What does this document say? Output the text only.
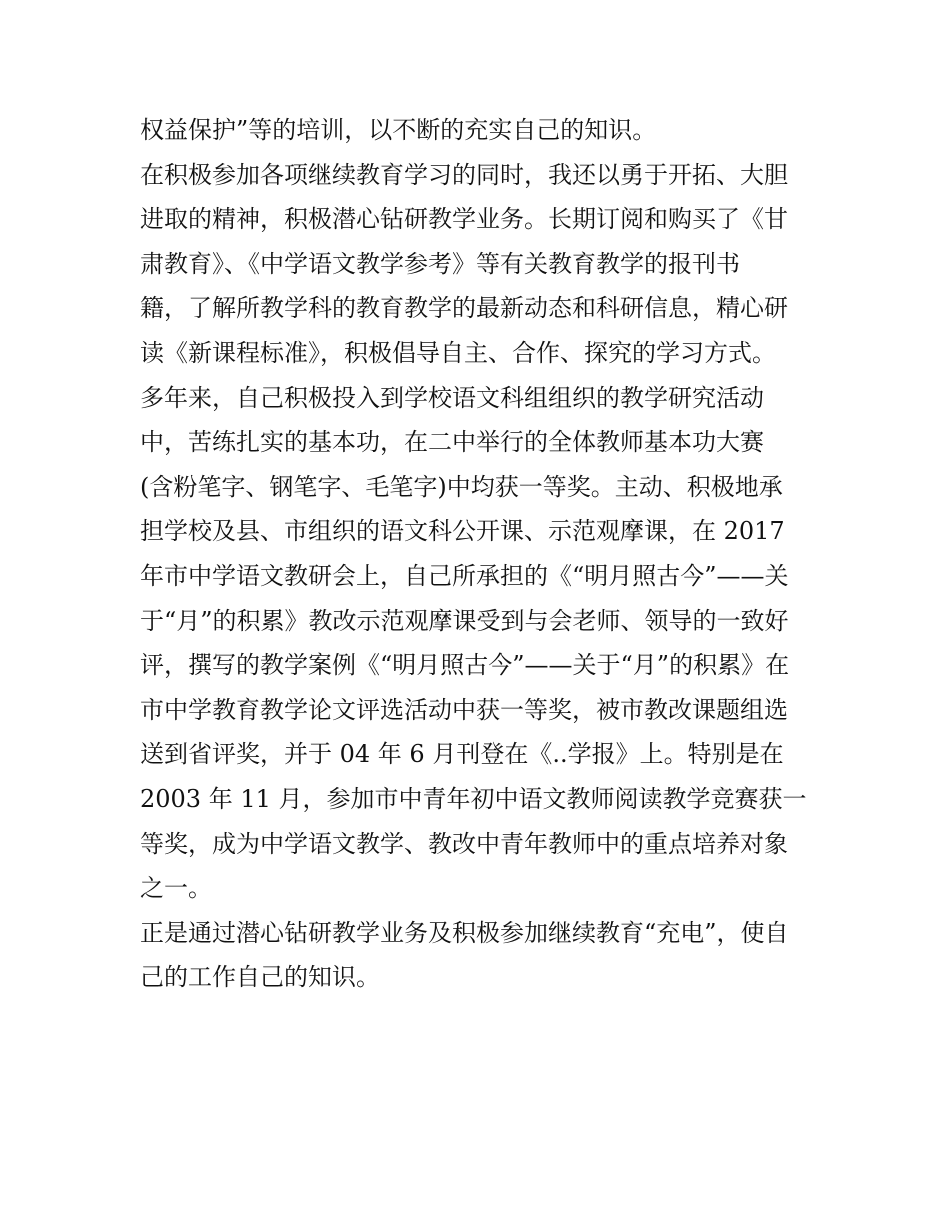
权益保护”等的培训，以不断的充实自己的知识。
在积极参加各项继续教育学习的同时，我还以勇于开拓、大胆
进取的精神，积极潜心钻研教学业务。长期订阅和购买了《甘
肃教育》、《中学语文教学参考》等有关教育教学的报刊书
籍，了解所教学科的教育教学的最新动态和科研信息，精心研
读《新课程标准》，积极倡导自主、合作、探究的学习方式。
多年来，自己积极投入到学校语文科组组织的教学研究活动
中，苦练扎实的基本功，在二中举行的全体教师基本功大赛
(含粉笔字、钢笔字、毛笔字)中均获一等奖。主动、积极地承
担学校及县、市组织的语文科公开课、示范观摩课，在 2017
年市中学语文教研会上，自己所承担的《“明月照古今”——关
于“月”的积累》教改示范观摩课受到与会老师、领导的一致好
评，撰写的教学案例《“明月照古今”——关于“月”的积累》在
市中学教育教学论文评选活动中获一等奖，被市教改课题组选
送到省评奖，并于 04 年 6 月刊登在《..学报》上。特别是在
2003 年 11 月，参加市中青年初中语文教师阅读教学竞赛获一
等奖，成为中学语文教学、教改中青年教师中的重点培养对象
之一。
正是通过潜心钻研教学业务及积极参加继续教育“充电”，使自
己的工作自己的知识。
